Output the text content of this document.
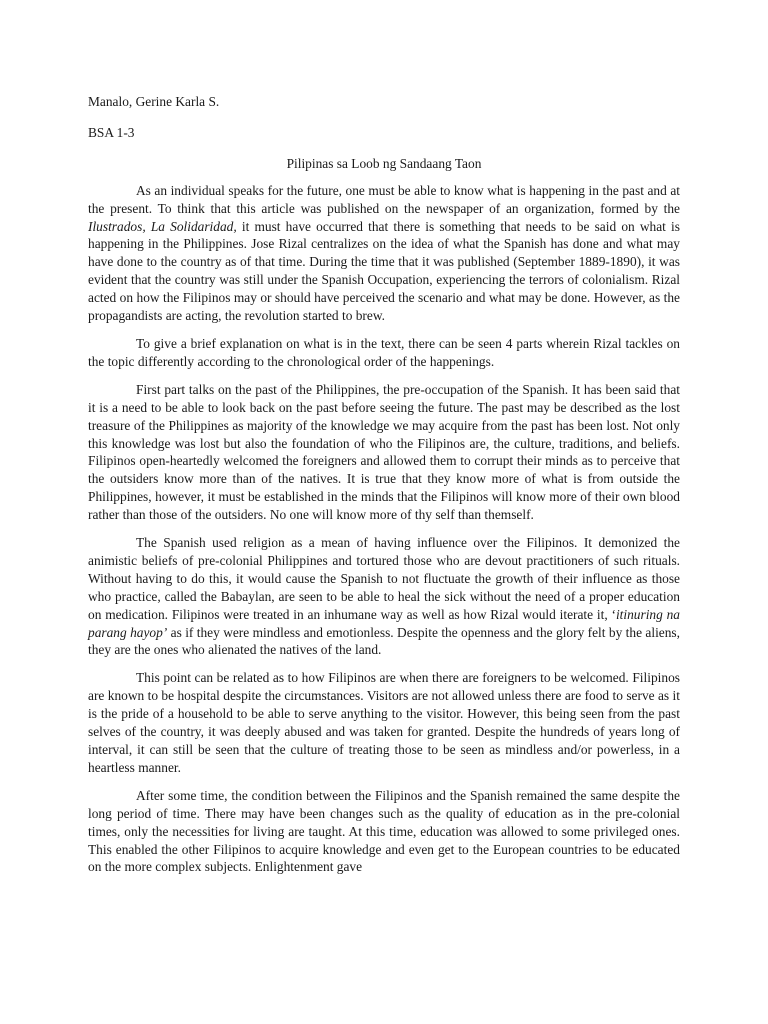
Manalo, Gerine Karla S.

BSA 1-3

Pilipinas sa Loob ng Sandaang Taon

As an individual speaks for the future, one must be able to know what is happening in the past and at the present. To think that this article was published on the newspaper of an organization, formed by the Ilustrados, La Solidaridad, it must have occurred that there is something that needs to be said on what is happening in the Philippines. Jose Rizal centralizes on the idea of what the Spanish has done and what may have done to the country as of that time. During the time that it was published (September 1889-1890), it was evident that the country was still under the Spanish Occupation, experiencing the terrors of colonialism. Rizal acted on how the Filipinos may or should have perceived the scenario and what may be done. However, as the propagandists are acting, the revolution started to brew.

To give a brief explanation on what is in the text, there can be seen 4 parts wherein Rizal tackles on the topic differently according to the chronological order of the happenings.

First part talks on the past of the Philippines, the pre-occupation of the Spanish. It has been said that it is a need to be able to look back on the past before seeing the future. The past may be described as the lost treasure of the Philippines as majority of the knowledge we may acquire from the past has been lost. Not only this knowledge was lost but also the foundation of who the Filipinos are, the culture, traditions, and beliefs. Filipinos open-heartedly welcomed the foreigners and allowed them to corrupt their minds as to perceive that the outsiders know more than of the natives. It is true that they know more of what is from outside the Philippines, however, it must be established in the minds that the Filipinos will know more of their own blood rather than those of the outsiders. No one will know more of thy self than themself.

The Spanish used religion as a mean of having influence over the Filipinos. It demonized the animistic beliefs of pre-colonial Philippines and tortured those who are devout practitioners of such rituals. Without having to do this, it would cause the Spanish to not fluctuate the growth of their influence as those who practice, called the Babaylan, are seen to be able to heal the sick without the need of a proper education on medication. Filipinos were treated in an inhumane way as well as how Rizal would iterate it, ‘itinuring na parang hayop’ as if they were mindless and emotionless. Despite the openness and the glory felt by the aliens, they are the ones who alienated the natives of the land.

This point can be related as to how Filipinos are when there are foreigners to be welcomed. Filipinos are known to be hospital despite the circumstances. Visitors are not allowed unless there are food to serve as it is the pride of a household to be able to serve anything to the visitor. However, this being seen from the past selves of the country, it was deeply abused and was taken for granted. Despite the hundreds of years long of interval, it can still be seen that the culture of treating those to be seen as mindless and/or powerless, in a heartless manner.

After some time, the condition between the Filipinos and the Spanish remained the same despite the long period of time. There may have been changes such as the quality of education as in the pre-colonial times, only the necessities for living are taught. At this time, education was allowed to some privileged ones. This enabled the other Filipinos to acquire knowledge and even get to the European countries to be educated on the more complex subjects. Enlightenment gave
